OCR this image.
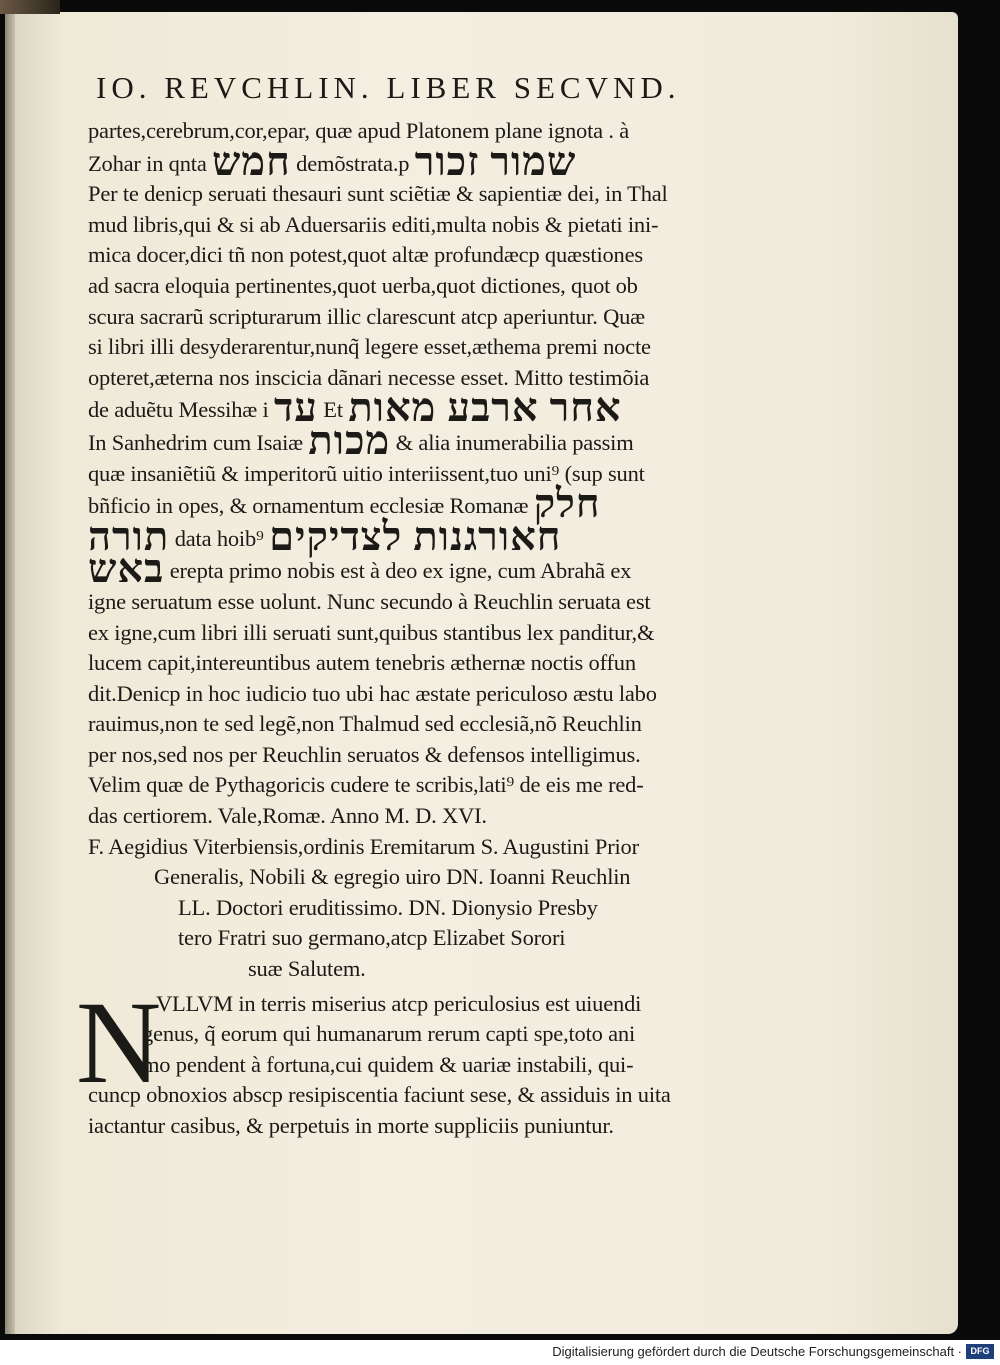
IO. REVCHLIN. LIBER SECVND.
partes,cerebrum,cor,epar, quæ apud Platonem plane ignota . à
Zohar in qnta חמש demõstrata.p שמור זכור
Per te denicp seruati thesauri sunt sciẽtiæ & sapientiæ dei, in Thal
mud libris,qui & si ab Aduersariis editi,multa nobis & pietati ini-
mica docer,dici tñ non potest,quot altæ profundæcp quæstiones
ad sacra eloquia pertinentes,quot uerba,quot dictiones, quot ob
scura sacrarũ scripturarum illic clarescunt atcp aperiuntur. Quæ
si libri illi desyderarentur,nunq̃ legere esset,æthema premi nocte
opteret,æterna nos inscicia dãnari necesse esset. Mitto testimõia
de aduẽtu Messihæ i עד Et אחר ארבע מאות
In Sanhedrim cum Isaiæ מכות & alia inumerabilia passim
quæ insaniẽtiũ & imperitorũ uitio interiissent,tuo uni⁹ (sup sunt
bñficio in opes, & ornamentum ecclesiæ Romanæ חלק
תורה data hoib⁹ חאורגנות לצדיקים
באש erepta primo nobis est à deo ex igne, cum Abrahã ex
igne seruatum esse uolunt. Nunc secundo à Reuchlin seruata est
ex igne,cum libri illi seruati sunt,quibus stantibus lex panditur,&
lucem capit,intereuntibus autem tenebris æthernæ noctis offun
dit.Denicp in hoc iudicio tuo ubi hac æstate periculoso æstu labo
rauimus,non te sed legẽ,non Thalmud sed ecclesiã,nõ Reuchlin
per nos,sed nos per Reuchlin seruatos & defensos intelligimus.
Velim quæ de Pythagoricis cudere te scribis,lati⁹ de eis me red-
das certiorem. Vale,Romæ. Anno M. D. XVI.
F. Aegidius Viterbiensis,ordinis Eremitarum S. Augustini Prior
Generalis, Nobili & egregio uiro DN. Ioanni Reuchlin
LL. Doctori eruditissimo. DN. Dionysio Presby
tero Fratri suo germano,atcp Elizabet Sorori
suæ Salutem.
N
VLLVM in terris miserius atcp periculosius est uiuendi
genus, q̃ eorum qui humanarum rerum capti spe,toto ani
mo pendent à fortuna,cui quidem & uariæ instabili, qui-
cuncp obnoxios abscp resipiscentia faciunt sese, & assiduis in uita
iactantur casibus, & perpetuis in morte suppliciis puniuntur.
Digitalisierung gefördert durch die Deutsche Forschungsgemeinschaft · DFG
